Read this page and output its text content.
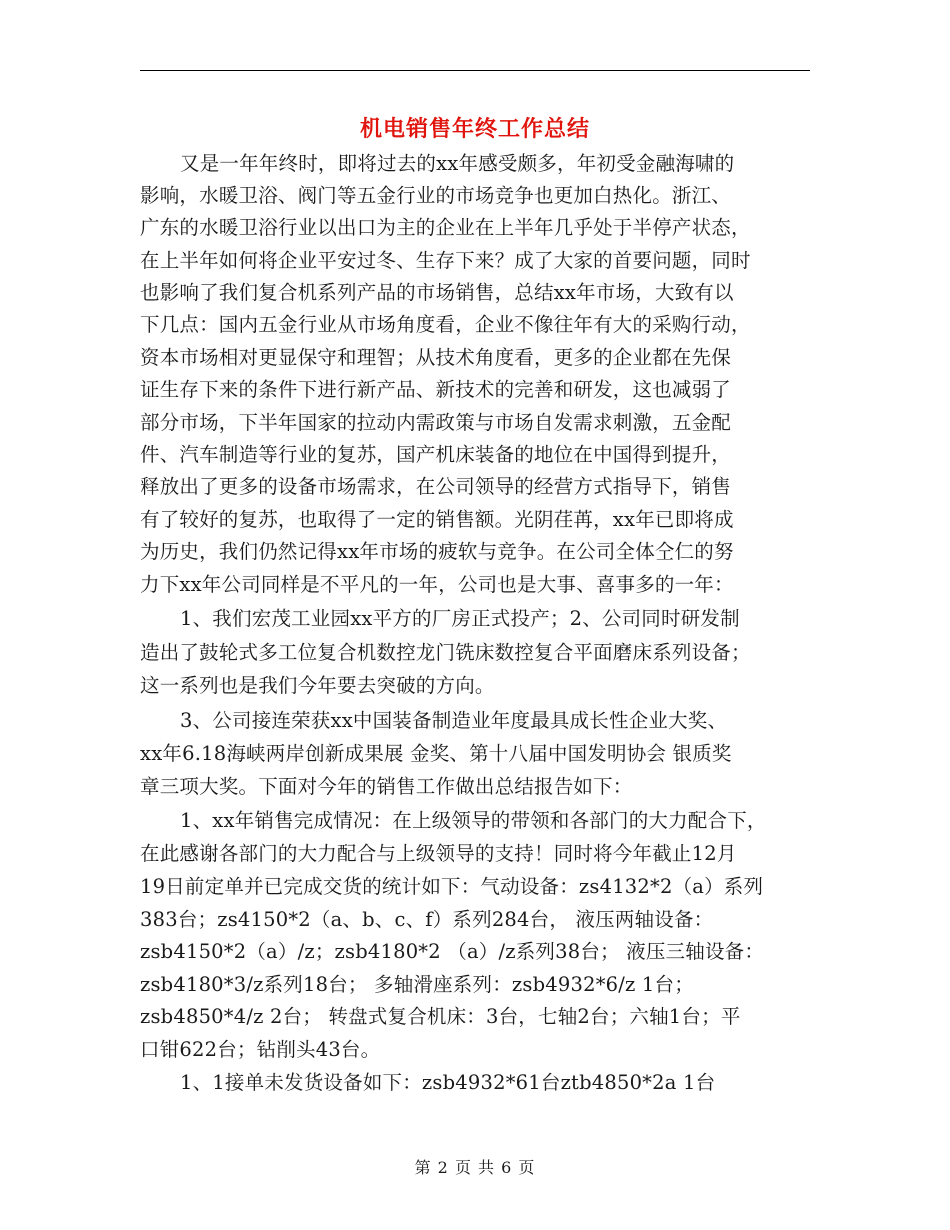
机电销售年终工作总结
又是一年年终时，即将过去的xx年感受颇多，年初受金融海啸的
影响，水暖卫浴、阀门等五金行业的市场竞争也更加白热化。浙江、
广东的水暖卫浴行业以出口为主的企业在上半年几乎处于半停产状态，
在上半年如何将企业平安过冬、生存下来？成了大家的首要问题，同时
也影响了我们复合机系列产品的市场销售，总结xx年市场，大致有以
下几点：国内五金行业从市场角度看，企业不像往年有大的采购行动，
资本市场相对更显保守和理智；从技术角度看，更多的企业都在先保
证生存下来的条件下进行新产品、新技术的完善和研发，这也减弱了
部分市场，下半年国家的拉动内需政策与市场自发需求刺激，五金配
件、汽车制造等行业的复苏，国产机床装备的地位在中国得到提升，
释放出了更多的设备市场需求，在公司领导的经营方式指导下，销售
有了较好的复苏，也取得了一定的销售额。光阴荏苒，xx年已即将成
为历史，我们仍然记得xx年市场的疲软与竞争。在公司全体仝仁的努
力下xx年公司同样是不平凡的一年，公司也是大事、喜事多的一年：
1、我们宏茂工业园xx平方的厂房正式投产；2、公司同时研发制
造出了鼓轮式多工位复合机数控龙门铣床数控复合平面磨床系列设备；
这一系列也是我们今年要去突破的方向。
3、公司接连荣获xx中国装备制造业年度最具成长性企业大奖、
xx年6.18海峡两岸创新成果展 金奖、第十八届中国发明协会 银质奖
章三项大奖。下面对今年的销售工作做出总结报告如下：
1、xx年销售完成情况：在上级领导的带领和各部门的大力配合下，
在此感谢各部门的大力配合与上级领导的支持！同时将今年截止12月
19日前定单并已完成交货的统计如下：气动设备：zs4132*2（a）系列
383台；zs4150*2（a、b、c、f）系列284台， 液压两轴设备：
zsb4150*2（a）/z；zsb4180*2 （a）/z系列38台； 液压三轴设备：
zsb4180*3/z系列18台； 多轴滑座系列：zsb4932*6/z 1台；
zsb4850*4/z 2台； 转盘式复合机床：3台，七轴2台；六轴1台；平
口钳622台；钻削头43台。
1、1接单未发货设备如下：zsb4932*61台ztb4850*2a 1台
第 2 页 共 6 页
